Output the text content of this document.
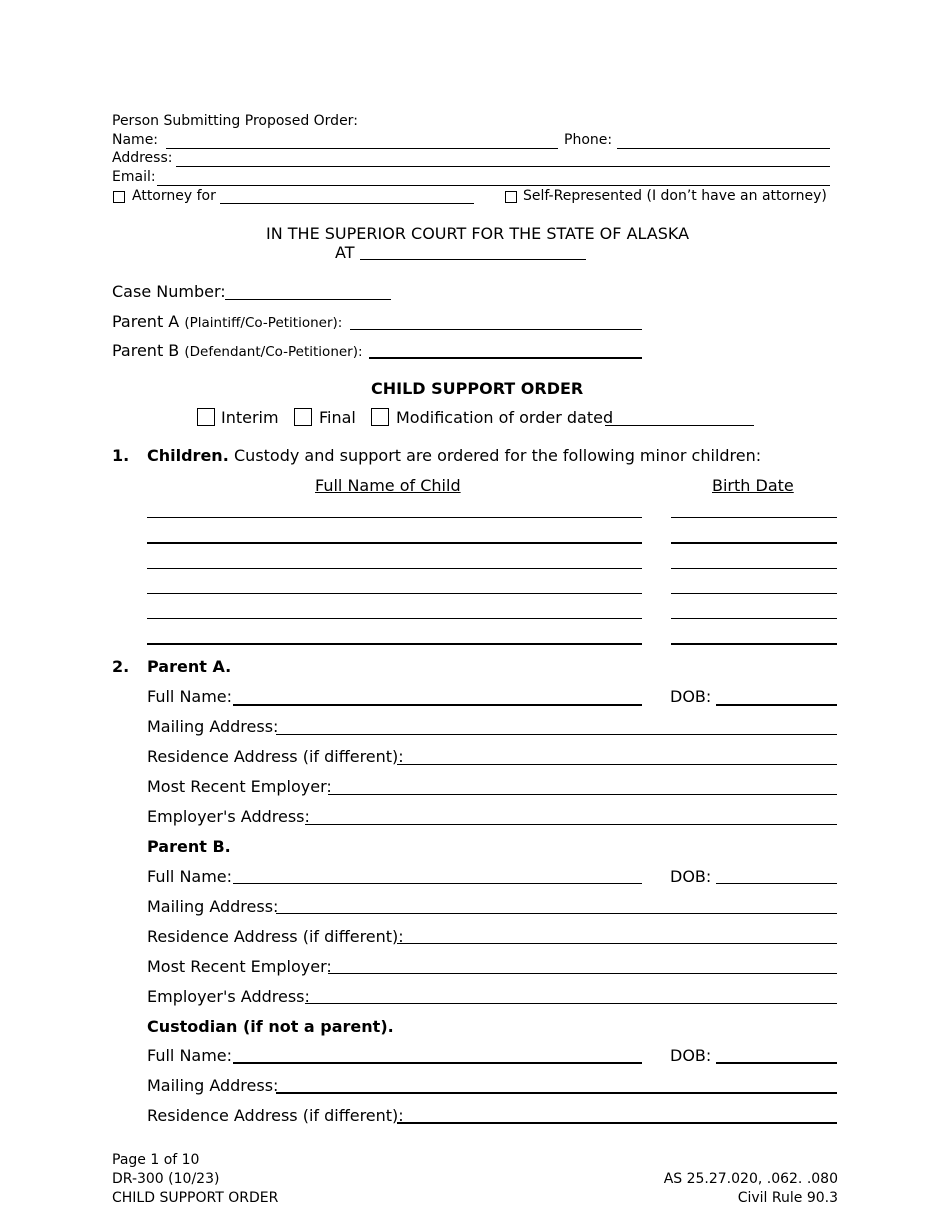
Person Submitting Proposed Order:
Name:	Phone:
Address:
Email:
Attorney for	Self-Represented (I don’t have an attorney)
IN THE SUPERIOR COURT FOR THE STATE OF ALASKA
AT
Case Number:
Parent A (Plaintiff/Co-Petitioner):
Parent B (Defendant/Co-Petitioner):
CHILD SUPPORT ORDER
Interim	Final	Modification of order dated
1. Children. Custody and support are ordered for the following minor children:
Full Name of Child	Birth Date
2. Parent A.
Full Name:	DOB:
Mailing Address:
Residence Address (if different):
Most Recent Employer:
Employer's Address:
Parent B.
Full Name:	DOB:
Mailing Address:
Residence Address (if different):
Most Recent Employer:
Employer's Address:
Custodian (if not a parent).
Full Name:	DOB:
Mailing Address:
Residence Address (if different):
Page 1 of 10
DR-300 (10/23)
CHILD SUPPORT ORDER
AS 25.27.020, .062. .080
Civil Rule 90.3
